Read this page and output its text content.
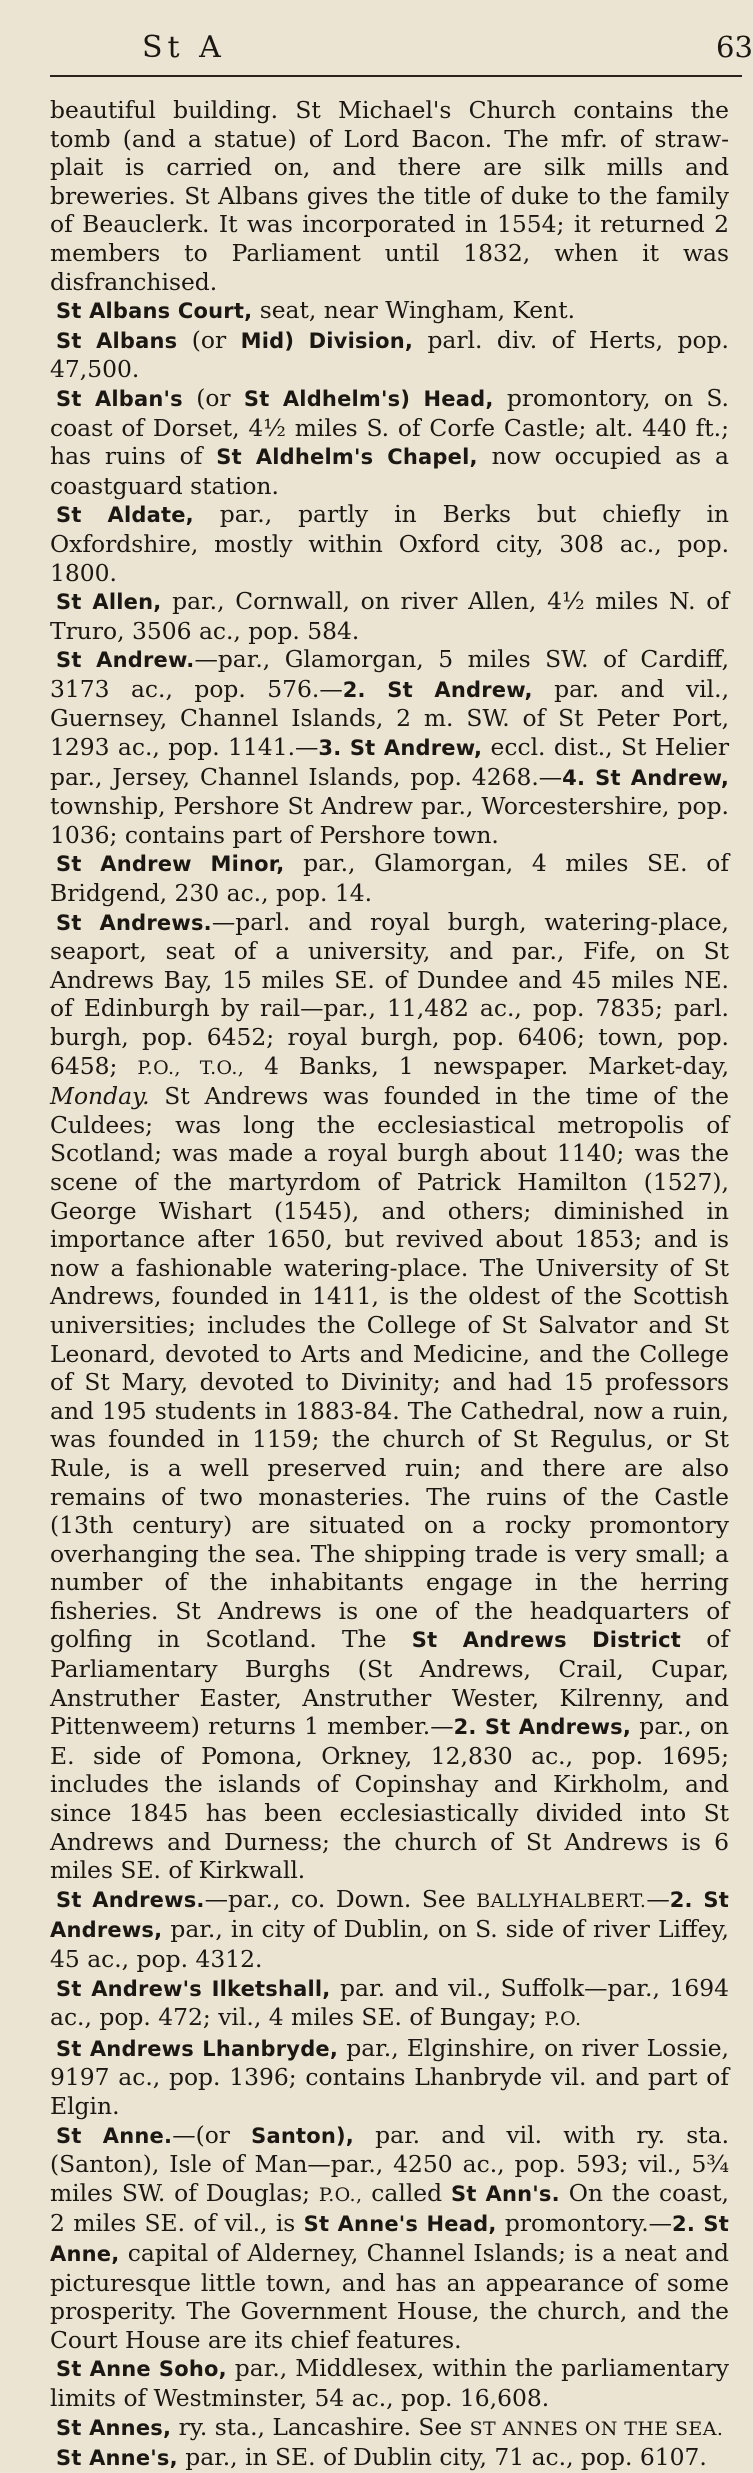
St A	63

beautiful building. St Michael's Church contains the tomb (and a statue) of Lord Bacon. The mfr. of straw-plait is carried on, and there are silk mills and breweries. St Albans gives the title of duke to the family of Beauclerk. It was incorporated in 1554; it returned 2 members to Parliament until 1832, when it was disfranchised.

St Albans Court, seat, near Wingham, Kent.

St Albans (or Mid) Division, parl. div. of Herts, pop. 47,500.

St Alban's (or St Aldhelm's) Head, promontory, on S. coast of Dorset, 4½ miles S. of Corfe Castle; alt. 440 ft.; has ruins of St Aldhelm's Chapel, now occupied as a coastguard station.

St Aldate, par., partly in Berks but chiefly in Oxfordshire, mostly within Oxford city, 308 ac., pop. 1800.

St Allen, par., Cornwall, on river Allen, 4½ miles N. of Truro, 3506 ac., pop. 584.

St Andrew.—par., Glamorgan, 5 miles SW. of Cardiff, 3173 ac., pop. 576.—2. St Andrew, par. and vil., Guernsey, Channel Islands, 2 m. SW. of St Peter Port, 1293 ac., pop. 1141.—3. St Andrew, eccl. dist., St Helier par., Jersey, Channel Islands, pop. 4268.—4. St Andrew, township, Pershore St Andrew par., Worcestershire, pop. 1036; contains part of Pershore town.

St Andrew Minor, par., Glamorgan, 4 miles SE. of Bridgend, 230 ac., pop. 14.

St Andrews.—parl. and royal burgh, watering-place, seaport, seat of a university, and par., Fife, on St Andrews Bay, 15 miles SE. of Dundee and 45 miles NE. of Edinburgh by rail—par., 11,482 ac., pop. 7835; parl. burgh, pop. 6452; royal burgh, pop. 6406; town, pop. 6458; P.O., T.O., 4 Banks, 1 newspaper. Market-day, Monday. St Andrews was founded in the time of the Culdees; was long the ecclesiastical metropolis of Scotland; was made a royal burgh about 1140; was the scene of the martyrdom of Patrick Hamilton (1527), George Wishart (1545), and others; diminished in importance after 1650, but revived about 1853; and is now a fashionable watering-place. The University of St Andrews, founded in 1411, is the oldest of the Scottish universities; includes the College of St Salvator and St Leonard, devoted to Arts and Medicine, and the College of St Mary, devoted to Divinity; and had 15 professors and 195 students in 1883-84. The Cathedral, now a ruin, was founded in 1159; the church of St Regulus, or St Rule, is a well preserved ruin; and there are also remains of two monasteries. The ruins of the Castle (13th century) are situated on a rocky promontory overhanging the sea. The shipping trade is very small; a number of the inhabitants engage in the herring fisheries. St Andrews is one of the headquarters of golfing in Scotland. The St Andrews District of Parliamentary Burghs (St Andrews, Crail, Cupar, Anstruther Easter, Anstruther Wester, Kilrenny, and Pittenweem) returns 1 member.—2. St Andrews, par., on E. side of Pomona, Orkney, 12,830 ac., pop. 1695; includes the islands of Copinshay and Kirkholm, and since 1845 has been ecclesiastically divided into St Andrews and Durness; the church of St Andrews is 6 miles SE. of Kirkwall.

St Andrews.—par., co. Down. See BALLYHALBERT.—2. St Andrews, par., in city of Dublin, on S. side of river Liffey, 45 ac., pop. 4312.

St Andrew's Ilketshall, par. and vil., Suffolk—par., 1694 ac., pop. 472; vil., 4 miles SE. of Bungay; P.O.

St Andrews Lhanbryde, par., Elginshire, on river Lossie, 9197 ac., pop. 1396; contains Lhanbryde vil. and part of Elgin.

St Anne.—(or Santon), par. and vil. with ry. sta. (Santon), Isle of Man—par., 4250 ac., pop. 593; vil., 5¾ miles SW. of Douglas; P.O., called St Ann's. On the coast, 2 miles SE. of vil., is St Anne's Head, promontory.—2. St Anne, capital of Alderney, Channel Islands; is a neat and picturesque little town, and has an appearance of some prosperity. The Government House, the church, and the Court House are its chief features.

St Anne Soho, par., Middlesex, within the parliamentary limits of Westminster, 54 ac., pop. 16,608.

St Annes, ry. sta., Lancashire. See ST ANNES ON THE SEA.

St Anne's, par., in SE. of Dublin city, 71 ac., pop. 6107.
